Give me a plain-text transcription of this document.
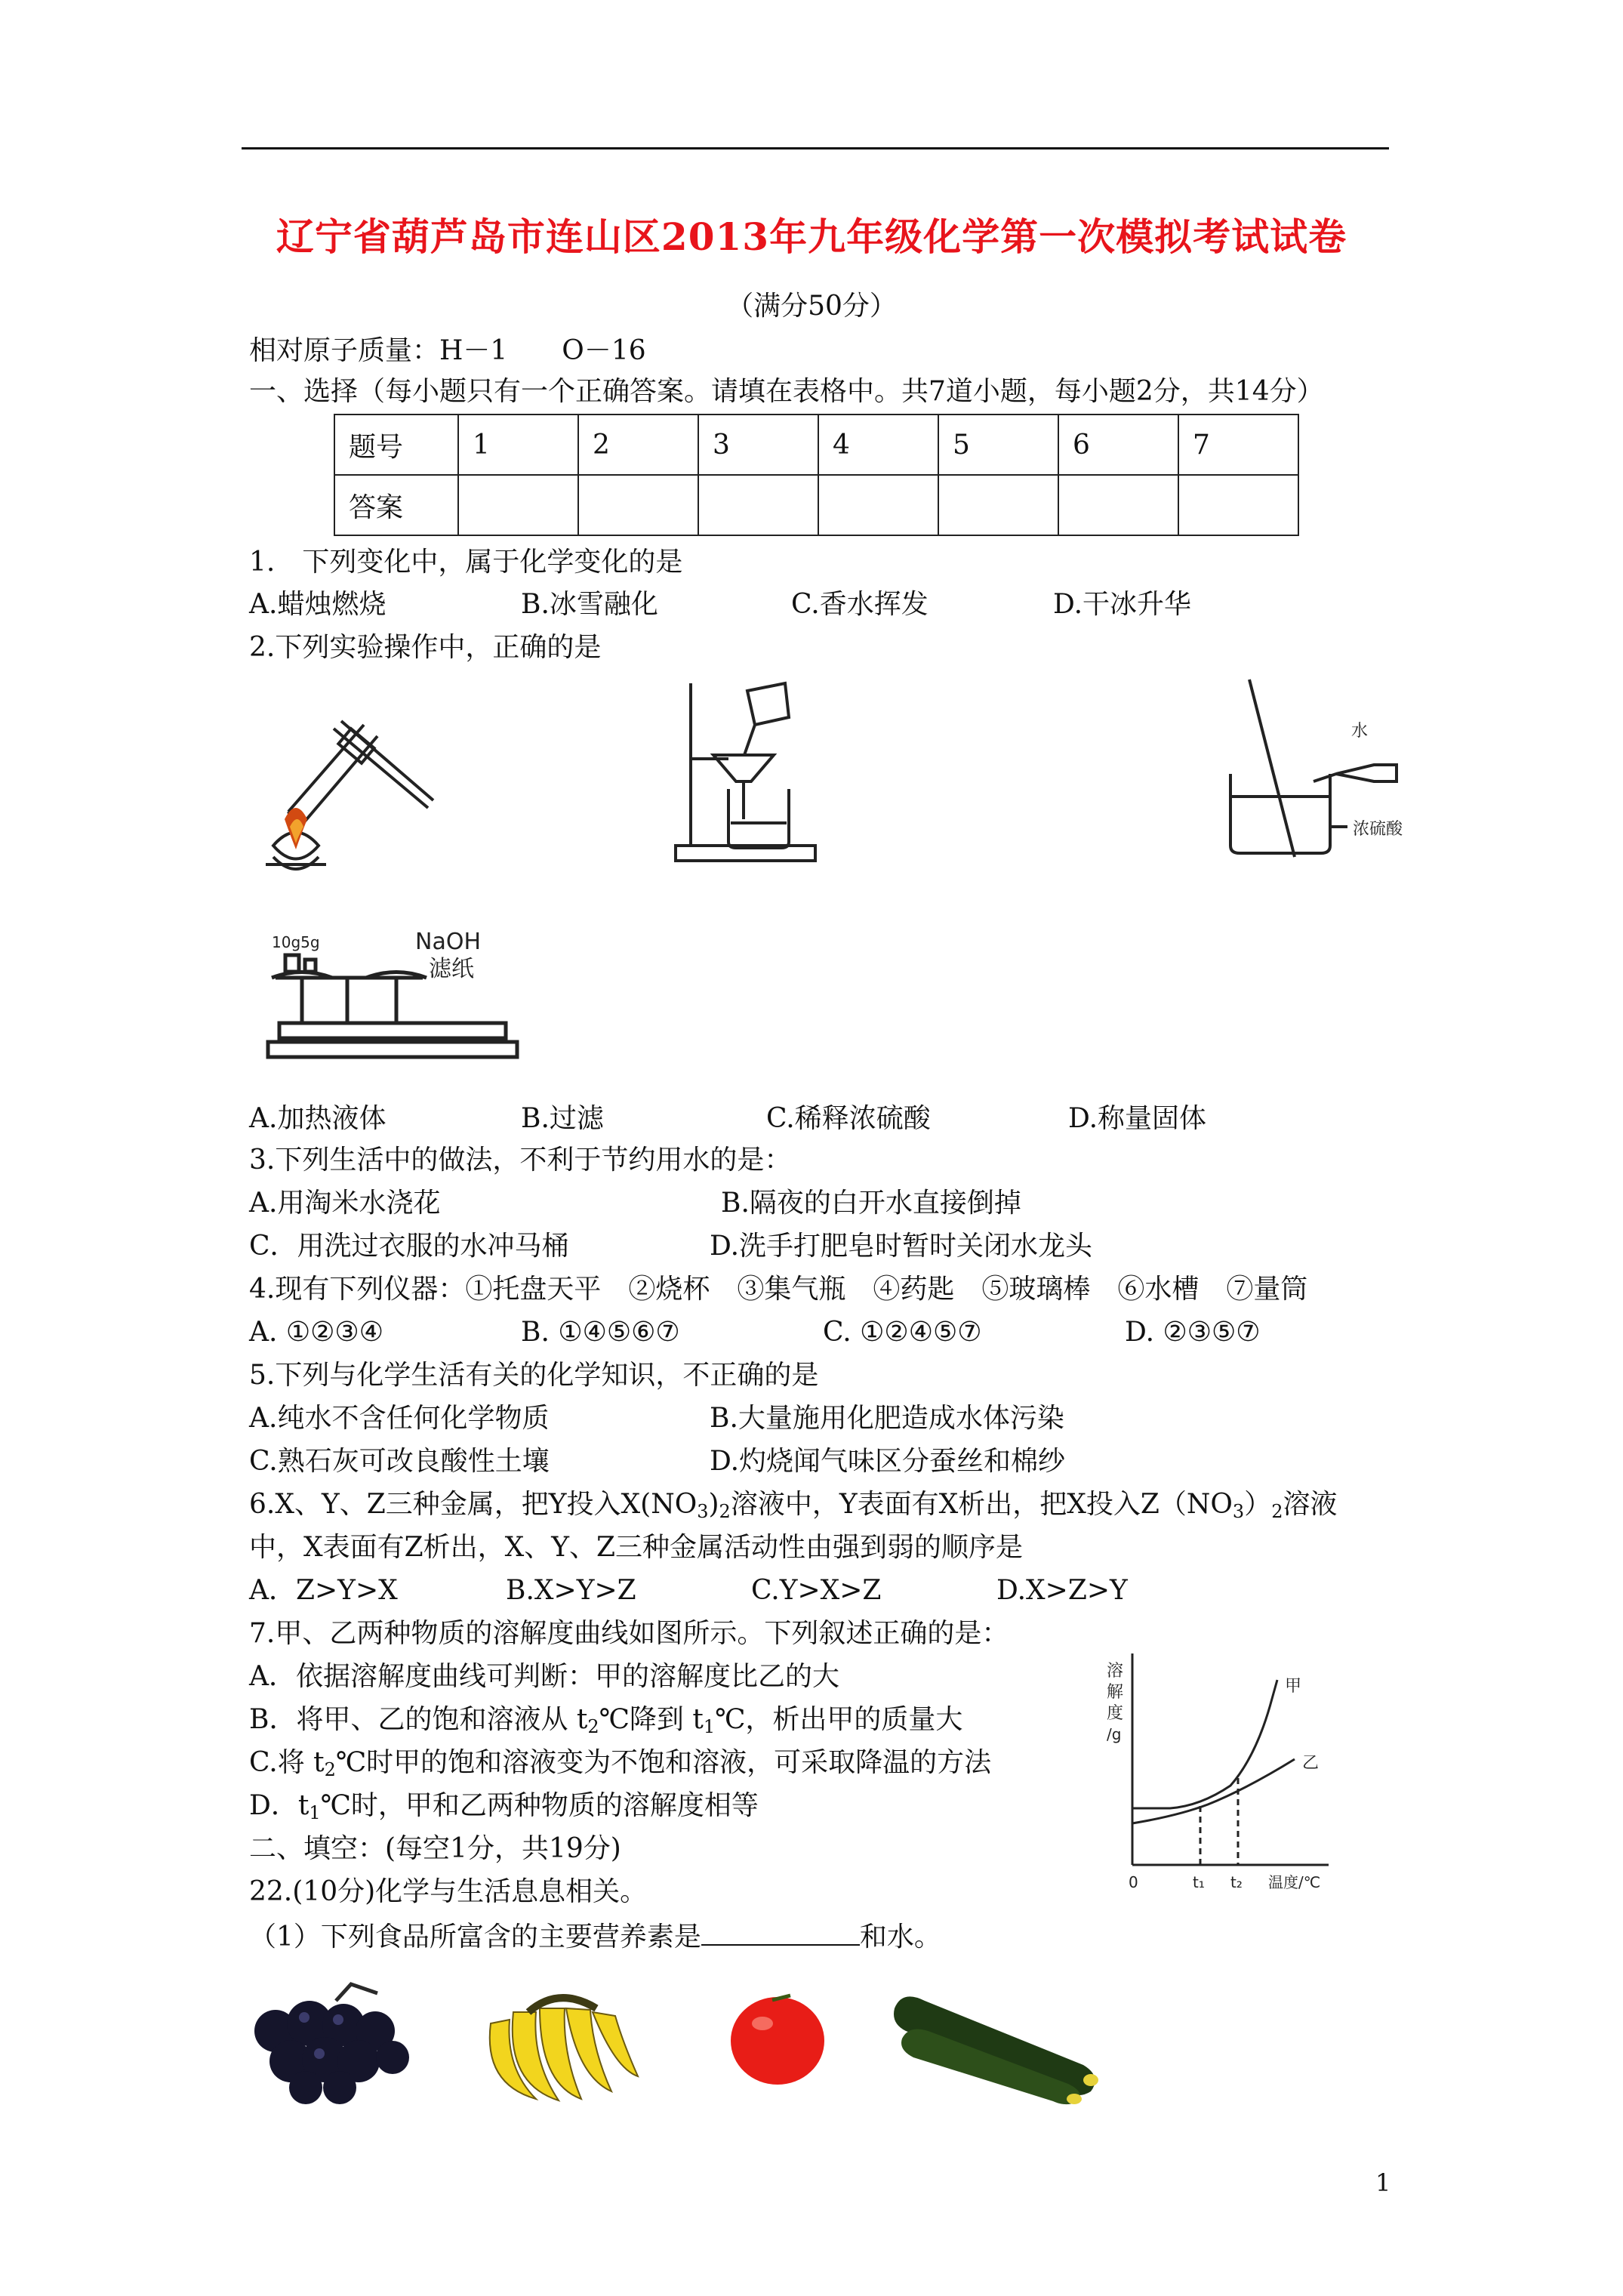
辽宁省葫芦岛市连山区2013年九年级化学第一次模拟考试试卷
（满分50分）
相对原子质量：H－1　　O－16
一、选择（每小题只有一个正确答案。请填在表格中。共7道小题，每小题2分，共14分）
题号	1	2	3	4	5	6	7
答案							
1.　下列变化中，属于化学变化的是
A.蜡烛燃烧	B.冰雪融化	C.香水挥发	D.干冰升华
2.下列实验操作中，正确的是
水
浓硫酸
10g5g	NaOH
滤纸
A.加热液体	B.过滤	C.稀释浓硫酸	D.称量固体
3.下列生活中的做法，不利于节约用水的是：
A.用淘米水浇花	B.隔夜的白开水直接倒掉
C．用洗过衣服的水冲马桶	D.洗手打肥皂时暂时关闭水龙头
4.现有下列仪器：①托盘天平　②烧杯　③集气瓶　④药匙　⑤玻璃棒　⑥水槽　⑦量筒
A. ①②③④	B. ①④⑤⑥⑦	C. ①②④⑤⑦	D. ②③⑤⑦
5.下列与化学生活有关的化学知识，不正确的是
A.纯水不含任何化学物质	B.大量施用化肥造成水体污染
C.熟石灰可改良酸性土壤	D.灼烧闻气味区分蚕丝和棉纱
6.X、Y、Z三种金属，把Y投入$X(NO_3)_2$溶液中，Y表面有X析出，把X投入$Z(NO_3)_2$溶液
中，X表面有Z析出，X、Y、Z三种金属活动性由强到弱的顺序是
A．Z>Y>X	B.X>Y>Z	C.Y>X>Z	D.X>Z>Y
7.甲、乙两种物质的溶解度曲线如图所示。下列叙述正确的是：
A．依据溶解度曲线可判断：甲的溶解度比乙的大
B．将甲、乙的饱和溶液从 $t_2℃$降到 $t_1℃$，析出甲的质量大
C.将 $t_2℃$时甲的饱和溶液变为不饱和溶液，可采取降温的方法
D．$t_1℃$时，甲和乙两种物质的溶解度相等
溶
解
度
/g
甲
乙
0	t₁ t₂ 温度/℃
二、填空：(每空1分，共19分)
22.(10分)化学与生活息息相关。
（1）下列食品所富含的主要营养素是	和水。
1
